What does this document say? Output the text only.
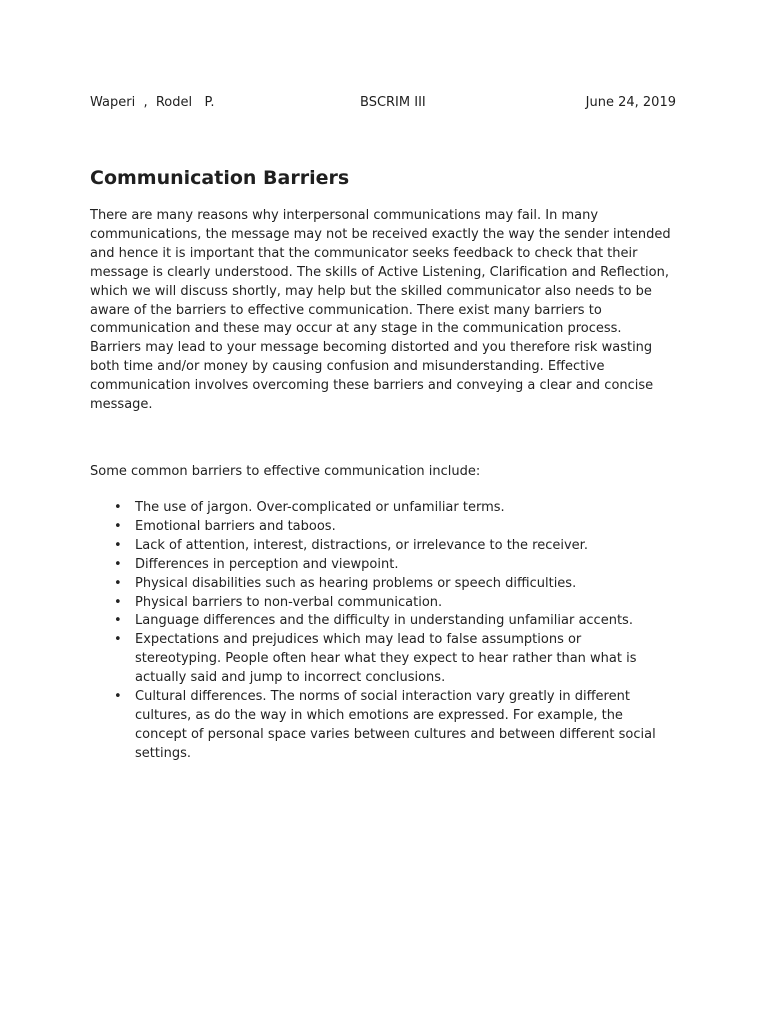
Waperi  ,  Rodel   P.	BSCRIM III	June 24, 2019
Communication Barriers
There are many reasons why interpersonal communications may fail. In many
communications, the message may not be received exactly the way the sender intended
and hence it is important that the communicator seeks feedback to check that their
message is clearly understood. The skills of Active Listening, Clarification and Reflection,
which we will discuss shortly, may help but the skilled communicator also needs to be
aware of the barriers to effective communication. There exist many barriers to
communication and these may occur at any stage in the communication process.
Barriers may lead to your message becoming distorted and you therefore risk wasting
both time and/or money by causing confusion and misunderstanding. Effective
communication involves overcoming these barriers and conveying a clear and concise
message.

Some common barriers to effective communication include:

• The use of jargon. Over-complicated or unfamiliar terms.
• Emotional barriers and taboos.
• Lack of attention, interest, distractions, or irrelevance to the receiver.
• Differences in perception and viewpoint.
• Physical disabilities such as hearing problems or speech difficulties.
• Physical barriers to non-verbal communication.
• Language differences and the difficulty in understanding unfamiliar accents.
• Expectations and prejudices which may lead to false assumptions or
stereotyping. People often hear what they expect to hear rather than what is
actually said and jump to incorrect conclusions.
• Cultural differences. The norms of social interaction vary greatly in different
cultures, as do the way in which emotions are expressed. For example, the
concept of personal space varies between cultures and between different social
settings.
